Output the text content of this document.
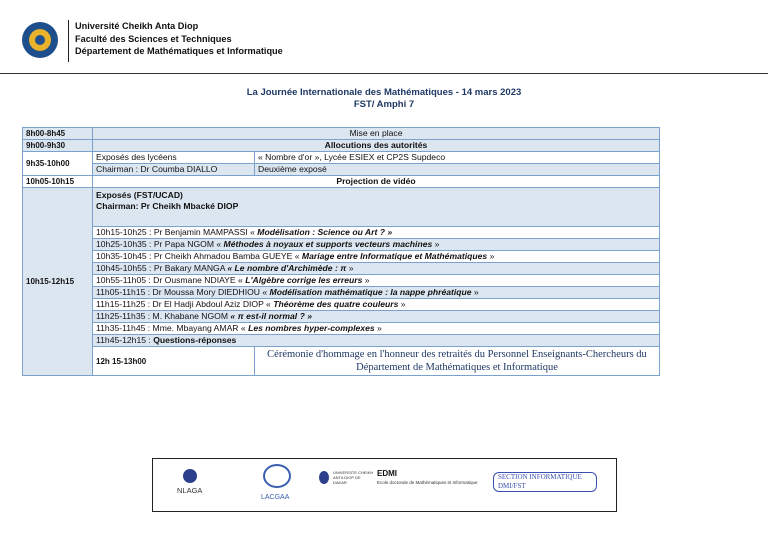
Université Cheikh Anta Diop
Faculté des Sciences et Techniques
Département de Mathématiques et Informatique
La Journée Internationale des Mathématiques - 14 mars 2023
FST/ Amphi 7
8h00-8h45	Mise en place	
9h00-9h30	Allocutions des autorités	
9h35-10h00	Exposés des lycéens	« Nombre d'or », Lycée ESIEX et CP2S Supdeco
	Chairman : Dr Coumba DIALLO	Deuxième exposé
10h05-10h15	Projection de vidéo	
10h15-12h15	Exposés (FST/UCAD)
Chairman: Pr Cheikh Mbacké DIOP	

	10h15-10h25 : Pr Benjamin MAMPASSI « Modélisation : Science ou Art ? »	
	10h25-10h35 : Pr Papa NGOM « Méthodes à noyaux et supports vecteurs machines »	
	10h35-10h45 : Pr Cheikh Ahmadou Bamba GUEYE « Mariage entre Informatique et Mathématiques »	
	10h45-10h55 : Pr Bakary MANGA « Le nombre d'Archimède : π »	
	10h55-11h05 : Dr Ousmane NDIAYE « L'Algèbre corrige les erreurs »	
	11h05-11h15 : Dr Moussa Mory DIEDHIOU « Modélisation mathématique : la nappe phréatique »	
	11h15-11h25 : Dr El Hadji Abdoul Aziz DIOP « Théorème des quatre couleurs »	
	11h25-11h35 : M. Khabane NGOM « π est-il normal ? »	
	11h35-11h45 : Mme. Mbayang AMAR « Les nombres hyper-complexes »	
	11h45-12h15 : Questions-réponses	
	12h 15-13h00	Cérémonie d'hommage en l'honneur des retraités du Personnel Enseignants-Chercheurs du Département de Mathématiques et Informatique
NLAGA
LACGAA
UNIVERSITE CHEIKH ANTA DIOP DE DAKAR
EDMI
Ecole doctorale de Mathématiques et Informatique
SECTION INFORMATIQUE
DMI/FST
